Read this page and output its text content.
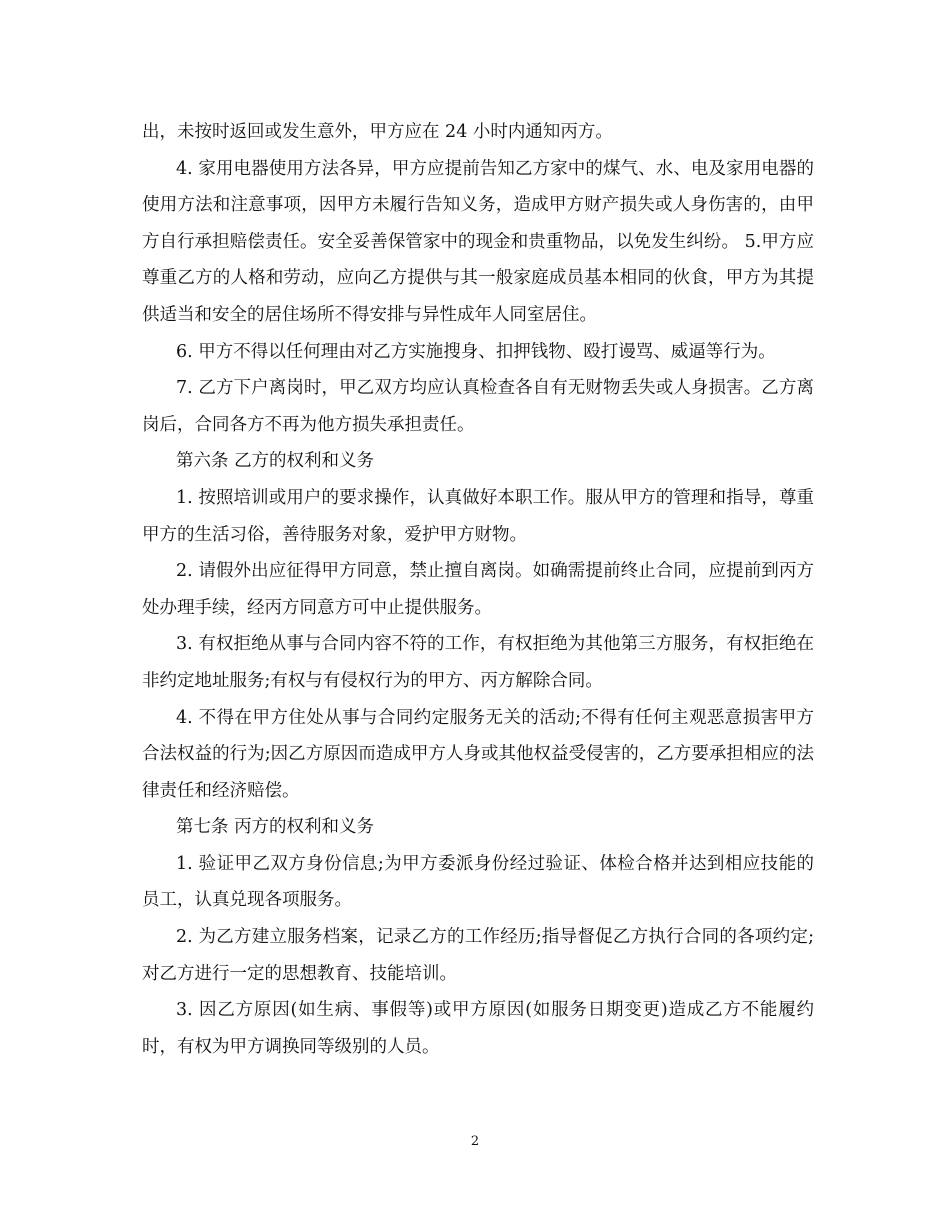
出，未按时返回或发生意外，甲方应在 24 小时内通知丙方。

4. 家用电器使用方法各异，甲方应提前告知乙方家中的煤气、水、电及家用电器的使用方法和注意事项，因甲方未履行告知义务，造成甲方财产损失或人身伤害的，由甲方自行承担赔偿责任。安全妥善保管家中的现金和贵重物品，以免发生纠纷。 5.甲方应尊重乙方的人格和劳动，应向乙方提供与其一般家庭成员基本相同的伙食，甲方为其提供适当和安全的居住场所不得安排与异性成年人同室居住。

6. 甲方不得以任何理由对乙方实施搜身、扣押钱物、殴打谩骂、威逼等行为。

7. 乙方下户离岗时，甲乙双方均应认真检查各自有无财物丢失或人身损害。乙方离岗后，合同各方不再为他方损失承担责任。

第六条 乙方的权利和义务

1. 按照培训或用户的要求操作，认真做好本职工作。服从甲方的管理和指导，尊重甲方的生活习俗，善待服务对象，爱护甲方财物。

2. 请假外出应征得甲方同意，禁止擅自离岗。如确需提前终止合同，应提前到丙方处办理手续，经丙方同意方可中止提供服务。

3. 有权拒绝从事与合同内容不符的工作，有权拒绝为其他第三方服务，有权拒绝在非约定地址服务;有权与有侵权行为的甲方、丙方解除合同。

4. 不得在甲方住处从事与合同约定服务无关的活动;不得有任何主观恶意损害甲方合法权益的行为;因乙方原因而造成甲方人身或其他权益受侵害的，乙方要承担相应的法律责任和经济赔偿。

第七条 丙方的权利和义务

1. 验证甲乙双方身份信息;为甲方委派身份经过验证、体检合格并达到相应技能的员工，认真兑现各项服务。

2. 为乙方建立服务档案，记录乙方的工作经历;指导督促乙方执行合同的各项约定;对乙方进行一定的思想教育、技能培训。

3. 因乙方原因(如生病、事假等)或甲方原因(如服务日期变更)造成乙方不能履约时，有权为甲方调换同等级别的人员。

2
